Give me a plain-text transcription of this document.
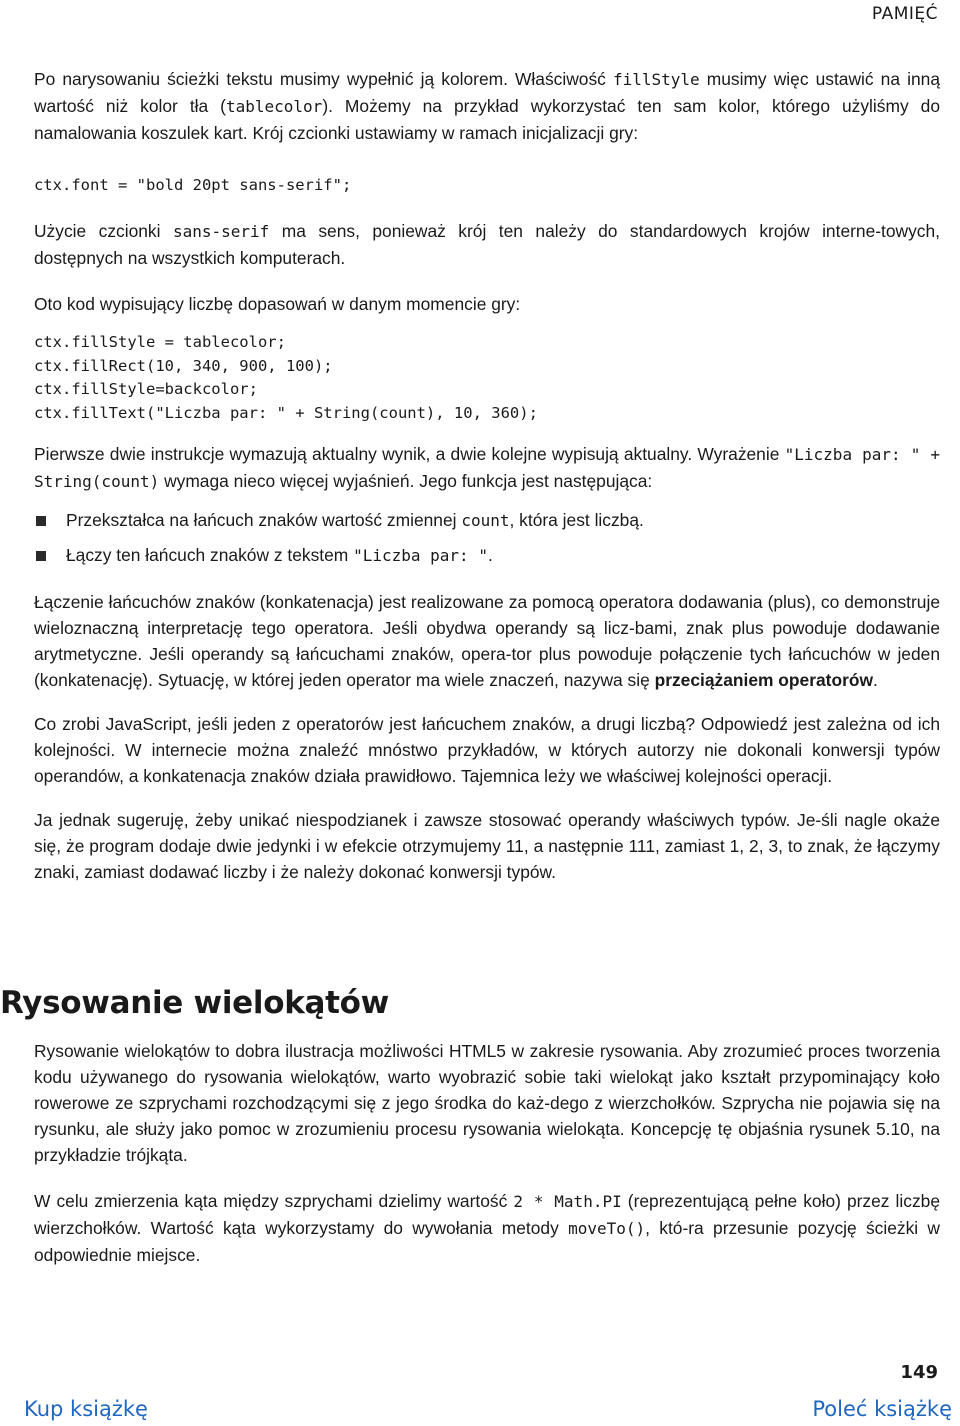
PAMIĘĆ

Po narysowaniu ścieżki tekstu musimy wypełnić ją kolorem. Właściwość fillStyle musimy więc ustawić na inną wartość niż kolor tła (tablecolor). Możemy na przykład wykorzystać ten sam kolor, którego użyliśmy do namalowania koszulek kart. Krój czcionki ustawiamy w ramach inicjalizacji gry:

ctx.font = "bold 20pt sans-serif";

Użycie czcionki sans-serif ma sens, ponieważ krój ten należy do standardowych krojów interne-towych, dostępnych na wszystkich komputerach.

Oto kod wypisujący liczbę dopasowań w danym momencie gry:

ctx.fillStyle = tablecolor;
ctx.fillRect(10, 340, 900, 100);
ctx.fillStyle=backcolor;
ctx.fillText("Liczba par: " + String(count), 10, 360);

Pierwsze dwie instrukcje wymazują aktualny wynik, a dwie kolejne wypisują aktualny. Wyrażenie "Liczba par: " + String(count) wymaga nieco więcej wyjaśnień. Jego funkcja jest następująca:

Przekształca na łańcuch znaków wartość zmiennej count, która jest liczbą.
Łączy ten łańcuch znaków z tekstem "Liczba par: ".

Łączenie łańcuchów znaków (konkatenacja) jest realizowane za pomocą operatora dodawania (plus), co demonstruje wieloznaczną interpretację tego operatora. Jeśli obydwa operandy są licz-bami, znak plus powoduje dodawanie arytmetyczne. Jeśli operandy są łańcuchami znaków, opera-tor plus powoduje połączenie tych łańcuchów w jeden (konkatenację). Sytuację, w której jeden operator ma wiele znaczeń, nazywa się przeciążaniem operatorów.

Co zrobi JavaScript, jeśli jeden z operatorów jest łańcuchem znaków, a drugi liczbą? Odpowiedź jest zależna od ich kolejności. W internecie można znaleźć mnóstwo przykładów, w których autorzy nie dokonali konwersji typów operandów, a konkatenacja znaków działa prawidłowo. Tajemnica leży we właściwej kolejności operacji.

Ja jednak sugeruję, żeby unikać niespodzianek i zawsze stosować operandy właściwych typów. Je-śli nagle okaże się, że program dodaje dwie jedynki i w efekcie otrzymujemy 11, a następnie 111, zamiast 1, 2, 3, to znak, że łączymy znaki, zamiast dodawać liczby i że należy dokonać konwersji typów.

Rysowanie wielokątów

Rysowanie wielokątów to dobra ilustracja możliwości HTML5 w zakresie rysowania. Aby zrozumieć proces tworzenia kodu używanego do rysowania wielokątów, warto wyobrazić sobie taki wielokąt jako kształt przypominający koło rowerowe ze szprychami rozchodzącymi się z jego środka do każ-dego z wierzchołków. Szprycha nie pojawia się na rysunku, ale służy jako pomoc w zrozumieniu procesu rysowania wielokąta. Koncepcję tę objaśnia rysunek 5.10, na przykładzie trójkąta.

W celu zmierzenia kąta między szprychami dzielimy wartość 2 * Math.PI (reprezentującą pełne koło) przez liczbę wierzchołków. Wartość kąta wykorzystamy do wywołania metody moveTo(), któ-ra przesunie pozycję ścieżki w odpowiednie miejsce.

149
Kup książkę	Poleć książkę
